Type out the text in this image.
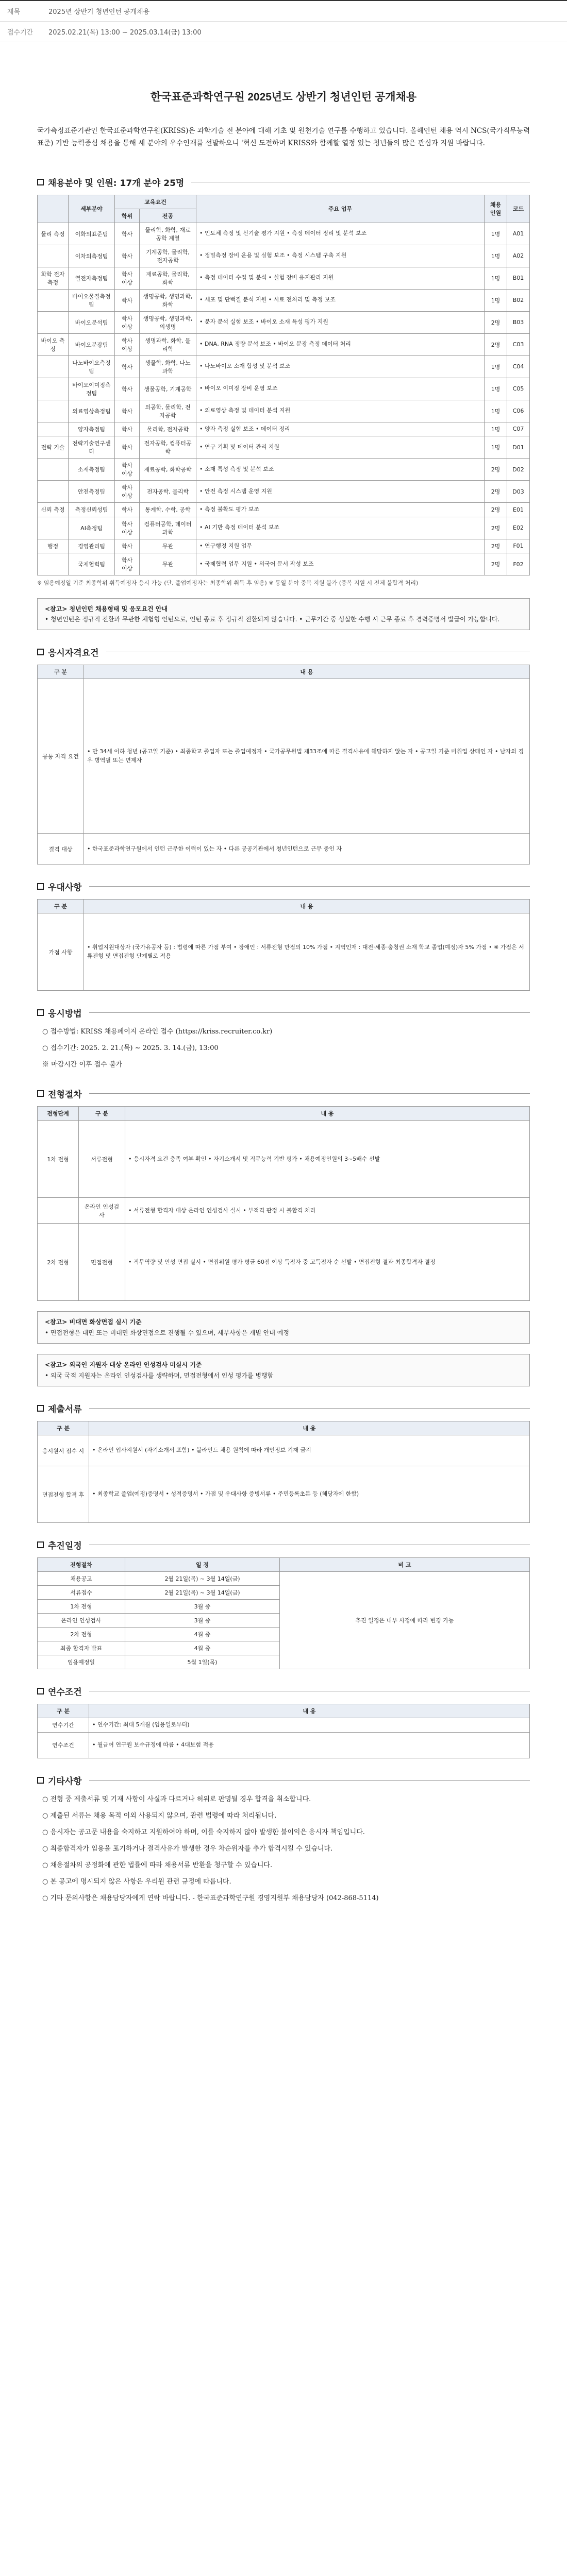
제목	2025년 상반기 청년인턴 공개채용
접수기간	2025.02.21(목) 13:00 ~ 2025.03.14(금) 13:00
한국표준과학연구원 2025년도 상반기 청년인턴 공개채용

국가측정표준기관인 한국표준과학연구원(KRISS)은 과학기술 전 분야에 대해 기초 및 원천기술 연구를 수행하고 있습니다. 올해인턴 채용 역시 NCS(국가직무능력표준) 기반 능력중심 채용을 통해 세 분야의 우수인재를 선발하오니 '혁신 도전하며 KRISS와 함께할 열정 있는 청년들의 많은 관심과 지원 바랍니다.

채용분야 및 인원: 17개 분야 25명
	세부분야	교육요건		주요 업무	채용 인원	코드
		학위	전공			
물리 측정	이화의표준팀	학사	물리학, 화학, 재료공학 계열	• 인도체 측정 및 신기술 평가 지원 • 측정 데이터 정리 및 분석 보조	1명	A01
	이차의측정팀	학사	기계공학, 물리학, 전자공학	• 정밀측정 장비 운용 및 실험 보조 • 측정 시스템 구축 지원	1명	A02
화학 전자 측정	열전자측정팀	학사 이상	재료공학, 물리학, 화학	• 측정 데이터 수집 및 분석 • 실험 장비 유지관리 지원	1명	B01
	바이오물질측정팀	학사	생명공학, 생명과학, 화학	• 세포 및 단백질 분석 지원 • 시료 전처리 및 측정 보조	1명	B02
	바이오분석팀	학사 이상	생명공학, 생명과학, 의생명	• 분자 분석 실험 보조 • 바이오 소재 특성 평가 지원	2명	B03
바이오 측정	바이오분광팀	학사 이상	생명과학, 화학, 물리학	• DNA, RNA 정량 분석 보조 • 바이오 분광 측정 데이터 처리	2명	C03
	나노바이오측정팀	학사	생물학, 화학, 나노과학	• 나노바이오 소재 합성 및 분석 보조	1명	C04
	바이오이미징측정팀	학사	생물공학, 기계공학	• 바이오 이미징 장비 운영 보조	1명	C05
	의료영상측정팀	학사	의공학, 물리학, 전자공학	• 의료영상 측정 및 데이터 분석 지원	1명	C06
	양자측정팀	학사	물리학, 전자공학	• 양자 측정 실험 보조 • 데이터 정리	1명	C07
전략 기술	전략기술연구센터	학사	전자공학, 컴퓨터공학	• 연구 기획 및 데이터 관리 지원	1명	D01
	소재측정팀	학사 이상	재료공학, 화학공학	• 소재 특성 측정 및 분석 보조	2명	D02
	안전측정팀	학사 이상	전자공학, 물리학	• 안전 측정 시스템 운영 지원	2명	D03
신뢰 측정	측정신뢰성팀	학사	통계학, 수학, 공학	• 측정 불확도 평가 보조	2명	E01
	AI측정팀	학사 이상	컴퓨터공학, 데이터과학	• AI 기반 측정 데이터 분석 보조	2명	E02
행정	경영관리팀	학사	무관	• 연구행정 지원 업무	2명	F01
	국제협력팀	학사 이상	무관	• 국제협력 업무 지원 • 외국어 문서 작성 보조	2명	F02

※ 임용예정일 기준 최종학위 취득예정자 응시 가능 (단, 졸업예정자는 최종학위 취득 후 임용) ※ 동일 분야 중복 지원 불가 (중복 지원 시 전체 불합격 처리)

<참고> 청년인턴 채용형태 및 응모요건 안내
• 청년인턴은 정규직 전환과 무관한 체험형 인턴으로, 인턴 종료 후 정규직 전환되지 않습니다. • 근무기간 중 성실한 수행 시 근무 종료 후 경력증명서 발급이 가능합니다.
응시자격요건
구 분	내 용
공통 자격 요건	• 만 34세 이하 청년 (공고일 기준) • 최종학교 졸업자 또는 졸업예정자 • 국가공무원법 제33조에 따른 결격사유에 해당하지 않는 자 • 공고일 기준 미취업 상태인 자 • 남자의 경우 병역필 또는 면제자
결격 대상	• 한국표준과학연구원에서 인턴 근무한 이력이 있는 자 • 다른 공공기관에서 청년인턴으로 근무 중인 자
우대사항
구 분	내 용
가점 사항	• 취업지원대상자 (국가유공자 등) : 법령에 따른 가점 부여 • 장애인 : 서류전형 만점의 10% 가점 • 지역인재 : 대전·세종·충청권 소재 학교 졸업(예정)자 5% 가점 • ※ 가점은 서류전형 및 면접전형 단계별로 적용
응시방법
○ 접수방법: KRISS 채용페이지 온라인 접수 (https://kriss.recruiter.co.kr)
○ 접수기간: 2025. 2. 21.(목) ~ 2025. 3. 14.(금), 13:00
※ 마감시간 이후 접수 불가
전형절차
전형단계	구 분	내 용
1차 전형	서류전형	• 응시자격 요건 충족 여부 확인 • 자기소개서 및 직무능력 기반 평가 • 채용예정인원의 3~5배수 선발
	온라인 인성검사	• 서류전형 합격자 대상 온라인 인성검사 실시 • 부적격 판정 시 불합격 처리
2차 전형	면접전형	• 직무역량 및 인성 면접 실시 • 면접위원 평가 평균 60점 이상 득점자 중 고득점자 순 선발 • 면접전형 결과 최종합격자 결정
<참고> 비대면 화상면접 실시 기준
• 면접전형은 대면 또는 비대면 화상면접으로 진행될 수 있으며, 세부사항은 개별 안내 예정
<참고> 외국인 지원자 대상 온라인 인성검사 미실시 기준
• 외국 국적 지원자는 온라인 인성검사를 생략하며, 면접전형에서 인성 평가를 병행함
제출서류
구 분	내 용
응시원서 접수 시	• 온라인 입사지원서 (자기소개서 포함) • 블라인드 채용 원칙에 따라 개인정보 기재 금지
면접전형 합격 후	• 최종학교 졸업(예정)증명서 • 성적증명서 • 가점 및 우대사항 증빙서류 • 주민등록초본 등 (해당자에 한함)
추진일정
전형절차	일 정	비 고
채용공고	2월 21일(목) ~ 3월 14일(금)	추진 일정은 내부 사정에 따라 변경 가능
서류접수	2월 21일(목) ~ 3월 14일(금)	
1차 전형	3월 중	
온라인 인성검사	3월 중	
2차 전형	4월 중	
최종 합격자 발표	4월 중	
임용예정일	5월 1일(목)	
연수조건
구 분	내 용
연수기간	• 연수기간: 최대 5개월 (임용일로부터)
연수조건	• 월급여 연구원 보수규정에 따름 • 4대보험 적용
기타사항
○ 전형 중 제출서류 및 기재 사항이 사실과 다르거나 허위로 판명될 경우 합격을 취소합니다.
○ 제출된 서류는 채용 목적 이외 사용되지 않으며, 관련 법령에 따라 처리됩니다.
○ 응시자는 공고문 내용을 숙지하고 지원하여야 하며, 이를 숙지하지 않아 발생한 불이익은 응시자 책임입니다.
○ 최종합격자가 임용을 포기하거나 결격사유가 발생한 경우 차순위자를 추가 합격시킬 수 있습니다.
○ 채용절차의 공정화에 관한 법률에 따라 채용서류 반환을 청구할 수 있습니다.
○ 본 공고에 명시되지 않은 사항은 우리원 관련 규정에 따릅니다.
○ 기타 문의사항은 채용담당자에게 연락 바랍니다. - 한국표준과학연구원 경영지원부 채용담당자 (042-868-5114)
